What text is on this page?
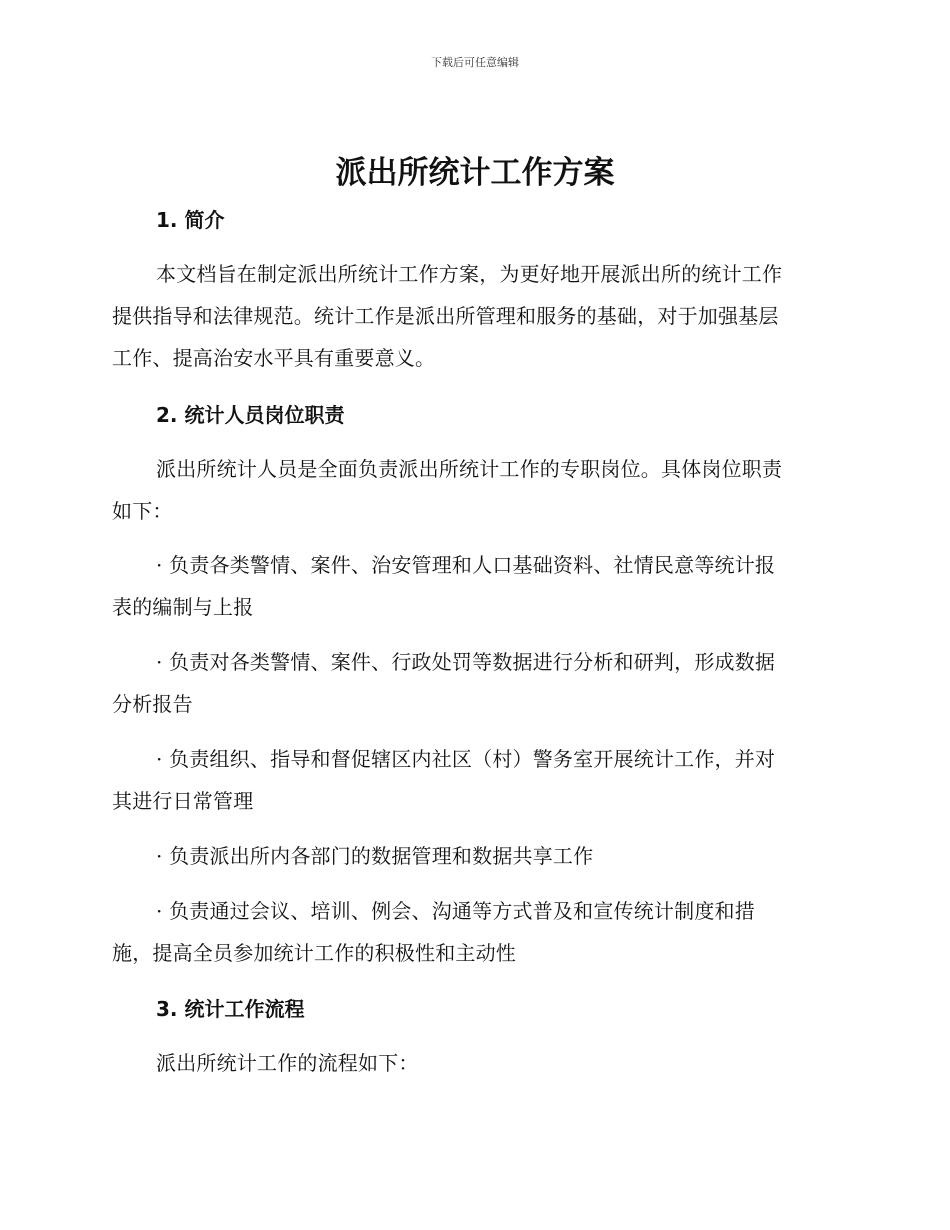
下载后可任意编辑
派出所统计工作方案
1. 简介
本文档旨在制定派出所统计工作方案，为更好地开展派出所的统计工作
提供指导和法律规范。统计工作是派出所管理和服务的基础，对于加强基层
工作、提高治安水平具有重要意义。
2. 统计人员岗位职责
派出所统计人员是全面负责派出所统计工作的专职岗位。具体岗位职责
如下：
· 负责各类警情、案件、治安管理和人口基础资料、社情民意等统计报
表的编制与上报
· 负责对各类警情、案件、行政处罚等数据进行分析和研判，形成数据
分析报告
· 负责组织、指导和督促辖区内社区（村）警务室开展统计工作，并对
其进行日常管理
· 负责派出所内各部门的数据管理和数据共享工作
· 负责通过会议、培训、例会、沟通等方式普及和宣传统计制度和措
施，提高全员参加统计工作的积极性和主动性
3. 统计工作流程
派出所统计工作的流程如下：
